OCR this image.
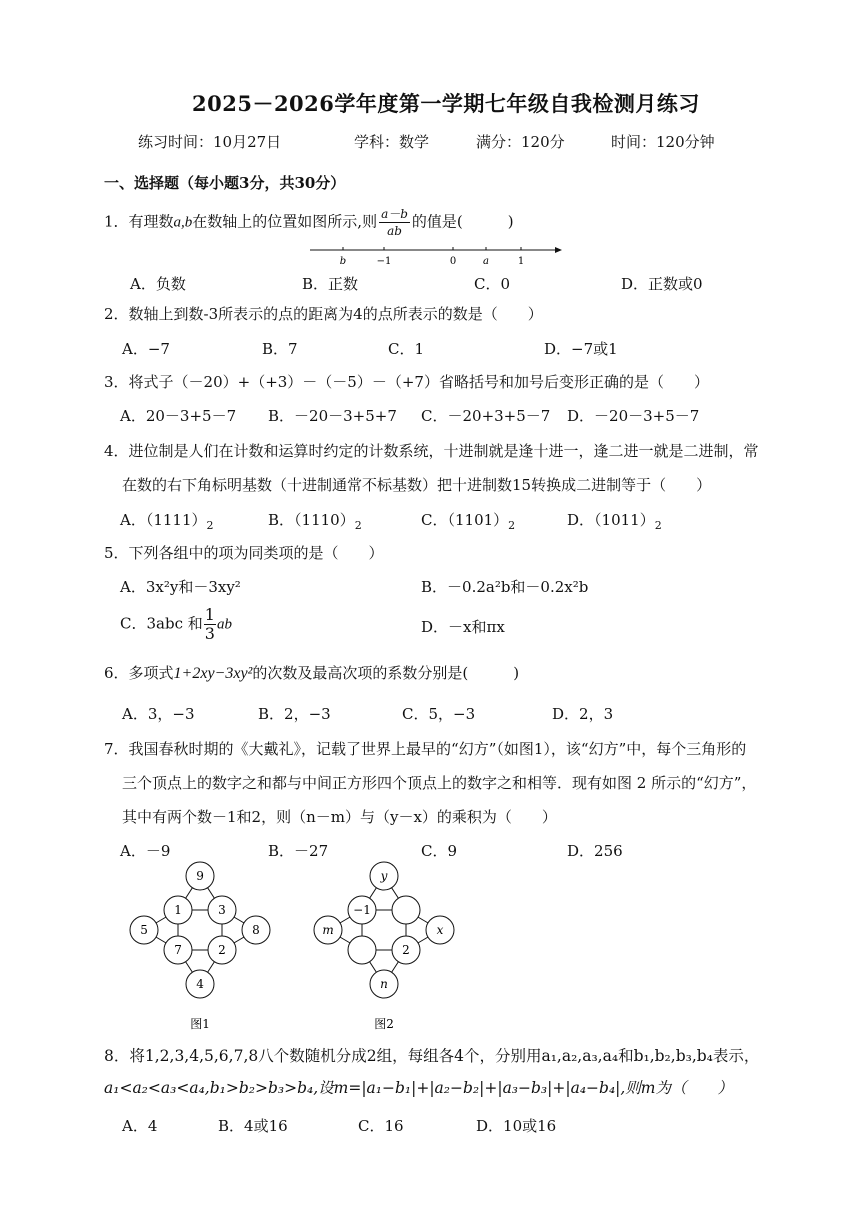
2025－2026学年度第一学期七年级自我检测月练习
练习时间：10月27日	学科：数学	满分：120分	时间：120分钟
一、选择题（每小题3分，共30分）
1．有理数a,b在数轴上的位置如图所示,则 $\frac{a-b}{ab}$ 的值是(　　　)
b	−1	0	a	1
A．负数	B．正数	C．0	D．正数或0
2．数轴上到数-3所表示的点的距离为4的点所表示的数是（　　）
A．−7	B．7	C．1	D．−7或1
3．将式子（－20）+（+3）－（－5）－（+7）省略括号和加号后变形正确的是（　　）
A．20－3+5－7 B．－20－3+5+7 C．－20+3+5－7 D．－20－3+5－7
4．进位制是人们在计数和运算时约定的计数系统，十进制就是逢十进一，逢二进一就是二进制，常
在数的右下角标明基数（十进制通常不标基数）把十进制数15转换成二进制等于（　　）
A．$(1111)_2$	B．$(1110)_2$	C．$(1101)_2$	D．$(1011)_2$
5．下列各组中的项为同类项的是（　　）
A．3x²y和－3xy²	B．－0.2a²b和－0.2x²b
C．3abc 和 $\frac{1}{3}$ ab	D．－x和πx
6．多项式1+2xy−3xy²的次数及最高次项的系数分别是(　　　)
A．3，−3	B．2，−3	C．5，−3	D．2，3
7．我国春秋时期的《大戴礼》，记载了世界上最早的“幻方”（如图1），该“幻方”中，每个三角形的
三个顶点上的数字之和都与中间正方形四个顶点上的数字之和相等．现有如图 2 所示的“幻方”，
其中有两个数－1和2，则（n－m）与（y－x）的乘积为（　　）
A．－9	B．－27	C．9	D．256
9
1	3
5	8
7	2
4
图1
y
−1
m	x
2
n
图2
8．将1,2,3,4,5,6,7,8八个数随机分成2组，每组各4个，分别用a₁,a₂,a₃,a₄和b₁,b₂,b₃,b₄表示，
a₁<a₂<a₃<a₄,b₁>b₂>b₃>b₄,设m=|a₁−b₁|+|a₂−b₂|+|a₃−b₃|+|a₄−b₄|,则m为（　　）
A．4	B．4或16	C．16	D．10或16
